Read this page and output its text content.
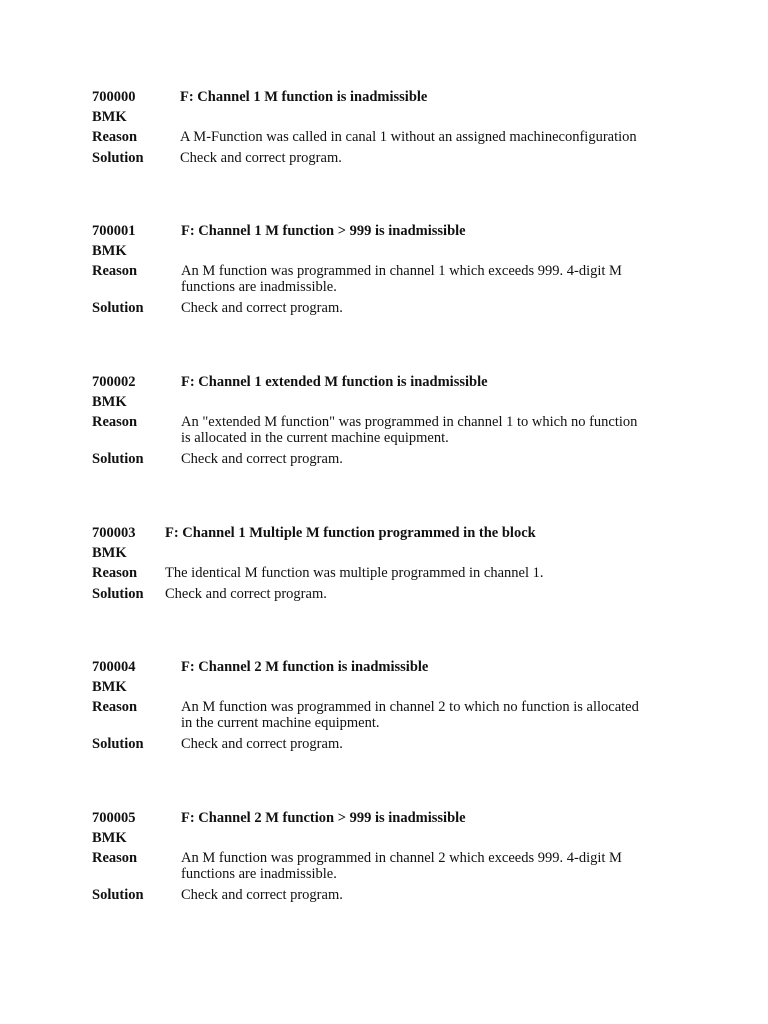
700000	F: Channel 1 M function is inadmissible
BMK
Reason	A M-Function was called in canal 1 without an assigned machineconfiguration
Solution	Check and correct program.
700001	F: Channel 1 M function > 999 is inadmissible
BMK
Reason	An M function was programmed in channel 1 which exceeds 999. 4-digit M
functions are inadmissible.
Solution	Check and correct program.
700002	F: Channel 1 extended M function is inadmissible
BMK
Reason	An "extended M function" was programmed in channel 1 to which no function
is allocated in the current machine equipment.
Solution	Check and correct program.
700003 F: Channel 1 Multiple M function programmed in the block
BMK
Reason The identical M function was multiple programmed in channel 1.
Solution Check and correct program.
700004	F: Channel 2 M function is inadmissible
BMK
Reason	An M function was programmed in channel 2 to which no function is allocated
in the current machine equipment.
Solution	Check and correct program.
700005	F: Channel 2 M function > 999 is inadmissible
BMK
Reason	An M function was programmed in channel 2 which exceeds 999. 4-digit M
functions are inadmissible.
Solution	Check and correct program.
